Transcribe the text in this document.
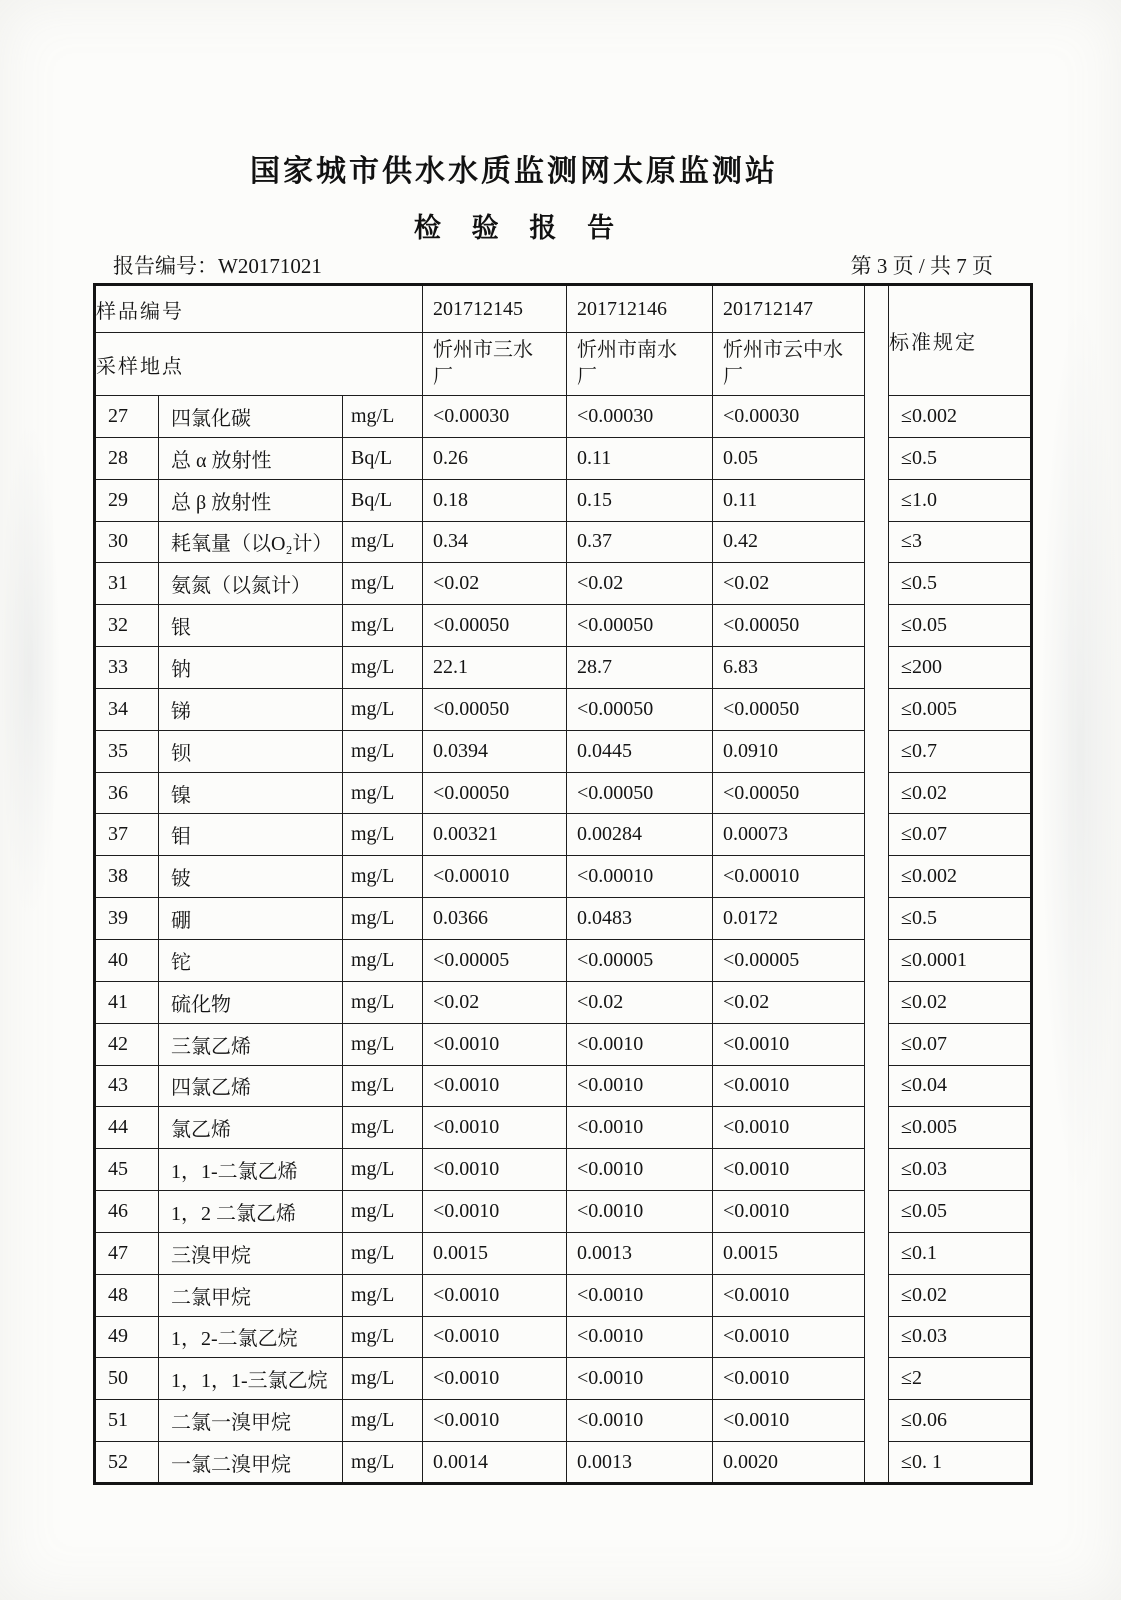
国家城市供水水质监测网太原监测站
检 验 报 告
报告编号：W20171021	第 3 页 / 共 7 页
样品编号			201712145	201712146	201712147		标准规定
采样地点			忻州市三水厂	忻州市南水厂	忻州市云中水厂		
27	四氯化碳	mg/L	<0.00030	<0.00030	<0.00030		≤0.002
28	总 α 放射性	Bq/L	0.26	0.11	0.05		≤0.5
29	总 β 放射性	Bq/L	0.18	0.15	0.11		≤1.0
30	耗氧量（以O₂计）	mg/L	0.34	0.37	0.42		≤3
31	氨氮（以氮计）	mg/L	<0.02	<0.02	<0.02		≤0.5
32	银	mg/L	<0.00050	<0.00050	<0.00050		≤0.05
33	钠	mg/L	22.1	28.7	6.83		≤200
34	锑	mg/L	<0.00050	<0.00050	<0.00050		≤0.005
35	钡	mg/L	0.0394	0.0445	0.0910		≤0.7
36	镍	mg/L	<0.00050	<0.00050	<0.00050		≤0.02
37	钼	mg/L	0.00321	0.00284	0.00073		≤0.07
38	铍	mg/L	<0.00010	<0.00010	<0.00010		≤0.002
39	硼	mg/L	0.0366	0.0483	0.0172		≤0.5
40	铊	mg/L	<0.00005	<0.00005	<0.00005		≤0.0001
41	硫化物	mg/L	<0.02	<0.02	<0.02		≤0.02
42	三氯乙烯	mg/L	<0.0010	<0.0010	<0.0010		≤0.07
43	四氯乙烯	mg/L	<0.0010	<0.0010	<0.0010		≤0.04
44	氯乙烯	mg/L	<0.0010	<0.0010	<0.0010		≤0.005
45	1，1-二氯乙烯	mg/L	<0.0010	<0.0010	<0.0010		≤0.03
46	1，2 二氯乙烯	mg/L	<0.0010	<0.0010	<0.0010		≤0.05
47	三溴甲烷	mg/L	0.0015	0.0013	0.0015		≤0.1
48	二氯甲烷	mg/L	<0.0010	<0.0010	<0.0010		≤0.02
49	1，2-二氯乙烷	mg/L	<0.0010	<0.0010	<0.0010		≤0.03
50	1，1，1-三氯乙烷	mg/L	<0.0010	<0.0010	<0.0010		≤2
51	二氯一溴甲烷	mg/L	<0.0010	<0.0010	<0.0010		≤0.06
52	一氯二溴甲烷	mg/L	0.0014	0.0013	0.0020		≤0. 1
